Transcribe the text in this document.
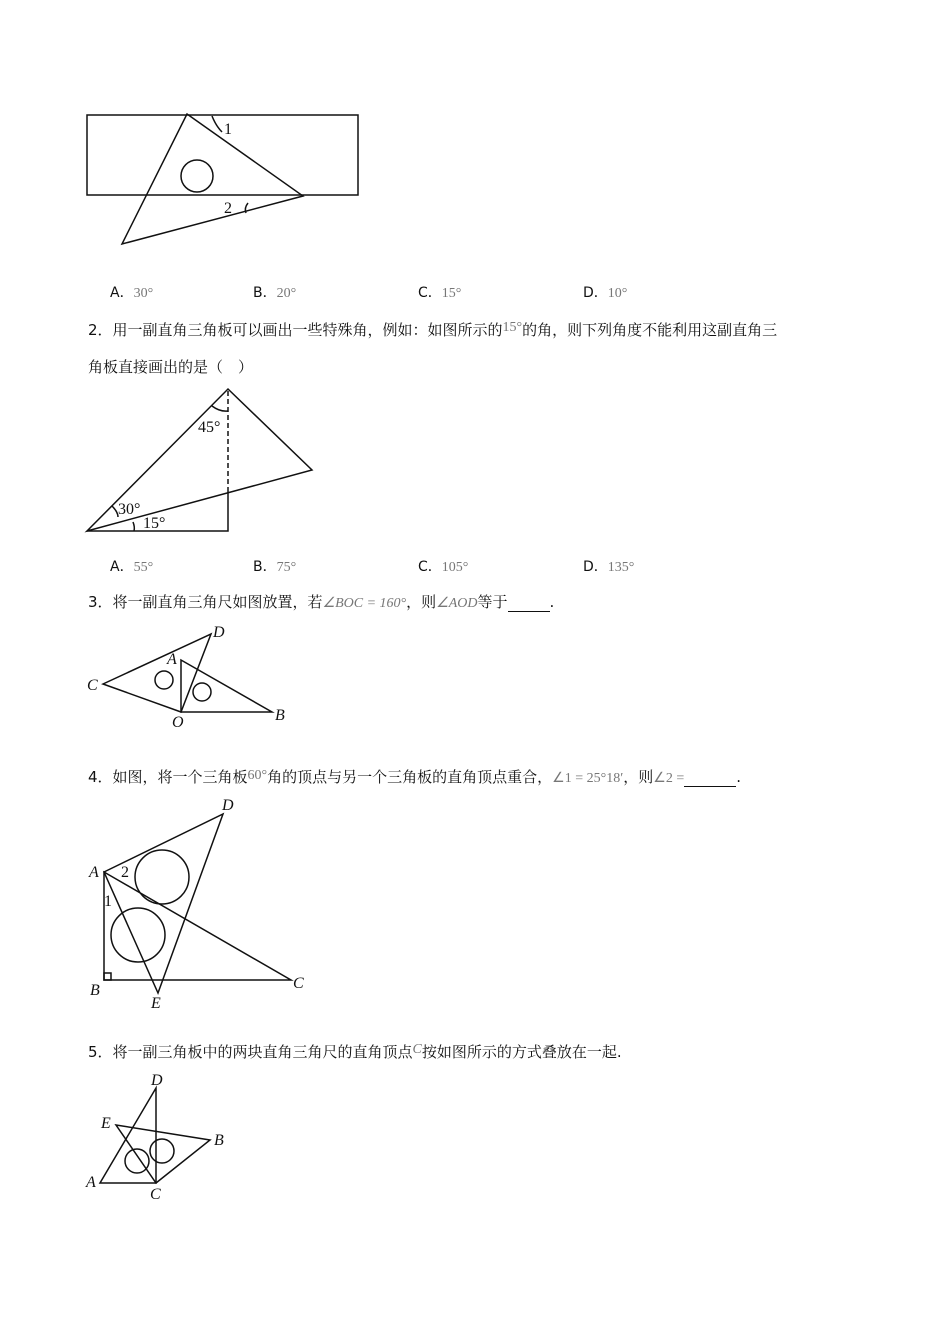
1
2
45°
30°
15°
C
D
A
O	B
A 2
1
B
E
C
D
D
E
B
A
C
A．30°	B．20°	C．15°	D．10°
2．用一副直角三角板可以画出一些特殊角，例如：如图所示的15°的角，则下列角度不能利用这副直角三
角板直接画出的是（　）
A．55°	B．75°	C．105°	D．135°
3．将一副直角三角尺如图放置，若∠BOC = 160°，则∠AOD等于	.
4．如图，将一个三角板60°角的顶点与另一个三角板的直角顶点重合，∠1 = 25°18′，则∠2 =	.
5．将一副三角板中的两块直角三角尺的直角顶点C按如图所示的方式叠放在一起.
